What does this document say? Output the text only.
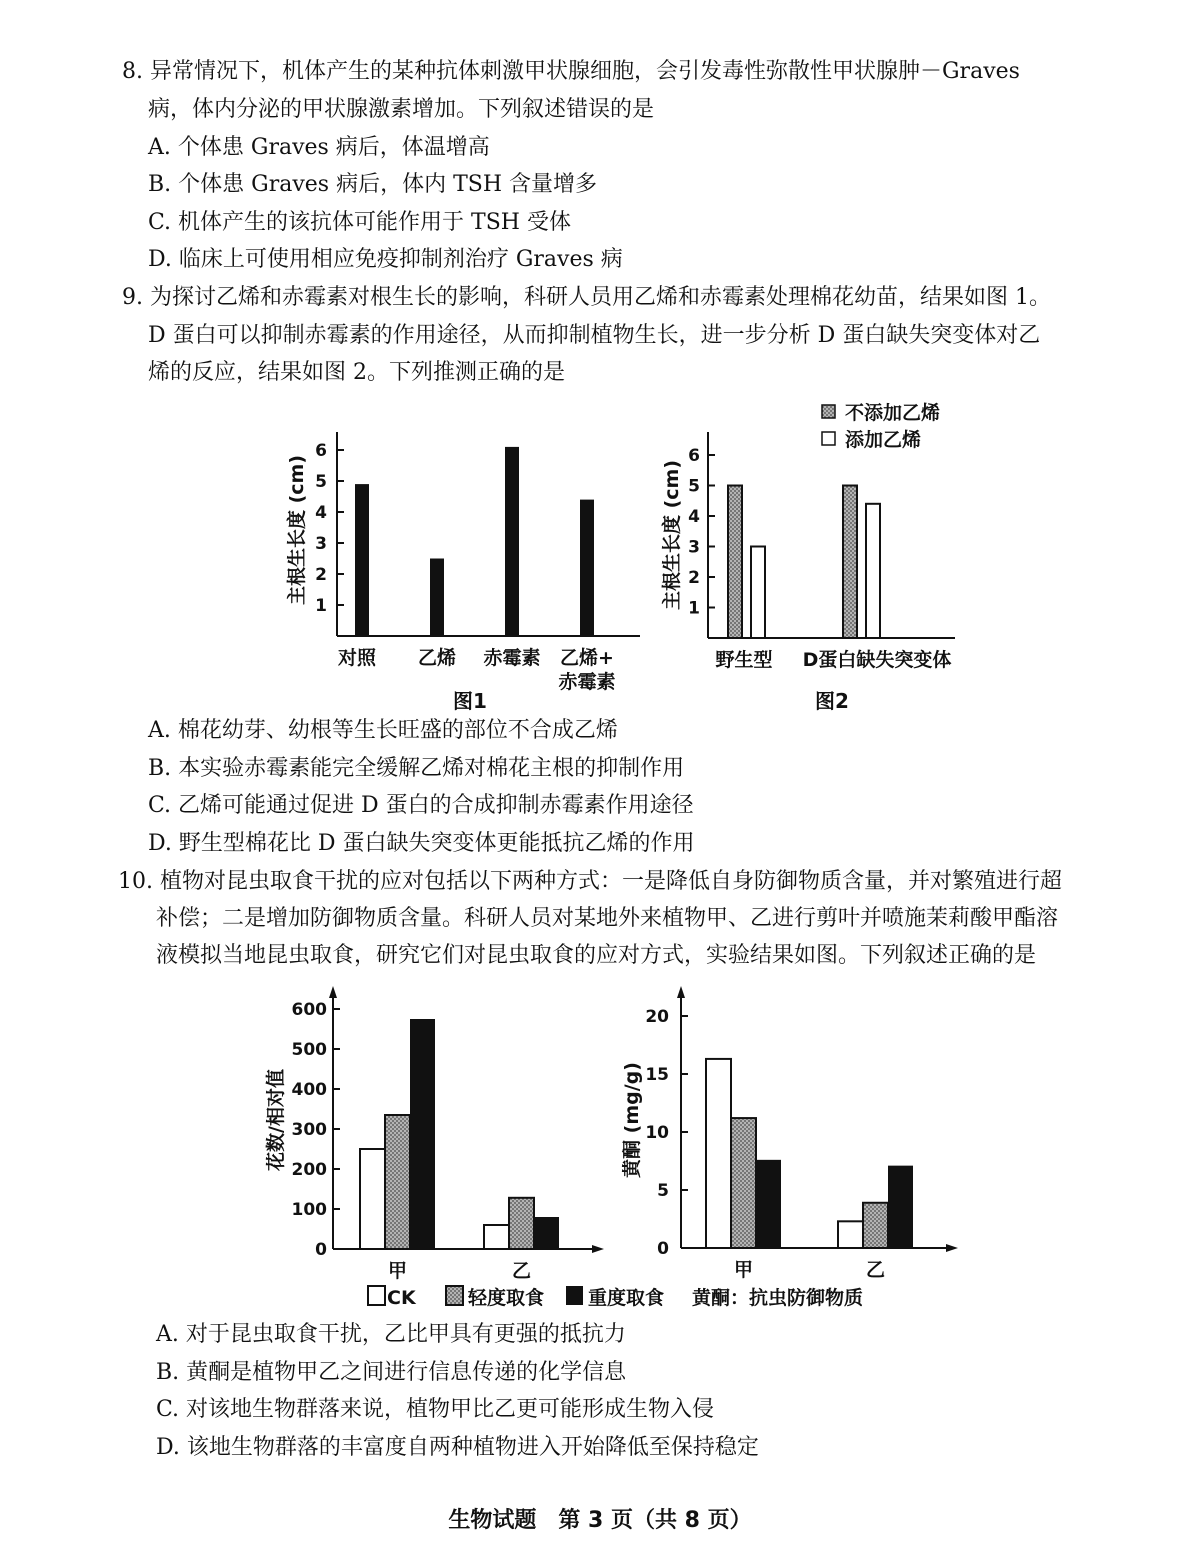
8. 异常情况下，机体产生的某种抗体刺激甲状腺细胞，会引发毒性弥散性甲状腺肿－Graves
病，体内分泌的甲状腺激素增加。下列叙述错误的是
A. 个体患 Graves 病后，体温增高
B. 个体患 Graves 病后，体内 TSH 含量增多
C. 机体产生的该抗体可能作用于 TSH 受体
D. 临床上可使用相应免疫抑制剂治疗 Graves 病
9. 为探讨乙烯和赤霉素对根生长的影响，科研人员用乙烯和赤霉素处理棉花幼苗，结果如图 1。
D 蛋白可以抑制赤霉素的作用途径，从而抑制植物生长，进一步分析 D 蛋白缺失突变体对乙
烯的反应，结果如图 2。下列推测正确的是
1
2
3
4
5
6
对照 乙烯 赤霉素 乙烯+
赤霉素
主根生长度 (cm)
图1
1
2
3
4
5
6
野生型 D蛋白缺失突变体
主根生长度 (cm)
图2
不添加乙烯
添加乙烯
0
100
200
300
400
500
600
甲	乙
花数/相对值
0
5
10
15
20
甲	乙
黄酮 (mg/g)
CK	轻度取食 重度取食 黄酮：抗虫防御物质
A. 棉花幼芽、幼根等生长旺盛的部位不合成乙烯
B. 本实验赤霉素能完全缓解乙烯对棉花主根的抑制作用
C. 乙烯可能通过促进 D 蛋白的合成抑制赤霉素作用途径
D. 野生型棉花比 D 蛋白缺失突变体更能抵抗乙烯的作用
10. 植物对昆虫取食干扰的应对包括以下两种方式：一是降低自身防御物质含量，并对繁殖进行超
补偿；二是增加防御物质含量。科研人员对某地外来植物甲、乙进行剪叶并喷施茉莉酸甲酯溶
液模拟当地昆虫取食，研究它们对昆虫取食的应对方式，实验结果如图。下列叙述正确的是
A. 对于昆虫取食干扰，乙比甲具有更强的抵抗力
B. 黄酮是植物甲乙之间进行信息传递的化学信息
C. 对该地生物群落来说，植物甲比乙更可能形成生物入侵
D. 该地生物群落的丰富度自两种植物进入开始降低至保持稳定
生物试题　第 3 页（共 8 页）
